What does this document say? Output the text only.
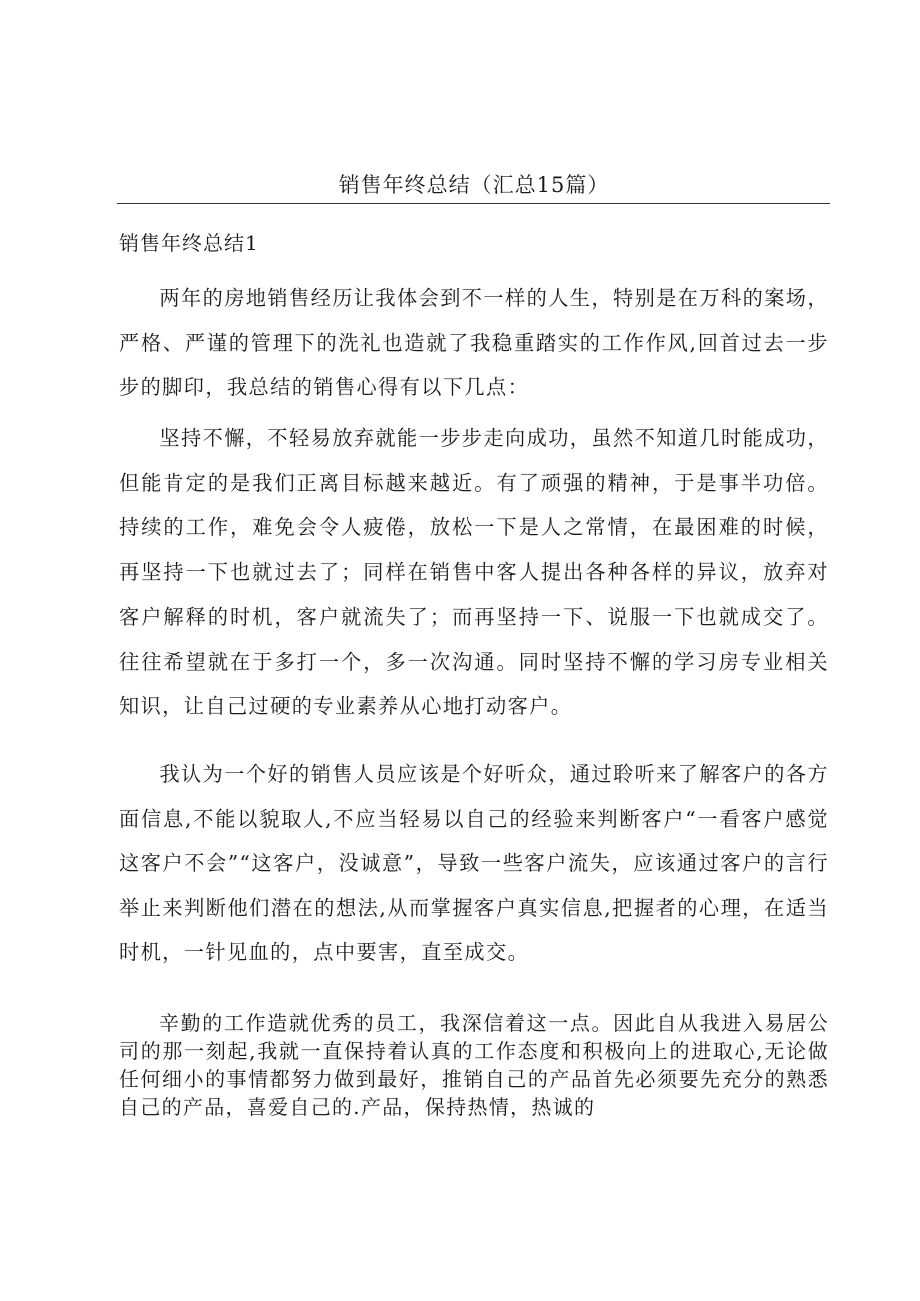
销售年终总结（汇总15篇）
销售年终总结1

两年的房地销售经历让我体会到不一样的人生，特别是在万科的案场，严格、严谨的管理下的洗礼也造就了我稳重踏实的工作作风,回首过去一步步的脚印，我总结的销售心得有以下几点：

坚持不懈，不轻易放弃就能一步步走向成功，虽然不知道几时能成功，但能肯定的是我们正离目标越来越近。有了顽强的精神，于是事半功倍。持续的工作，难免会令人疲倦，放松一下是人之常情，在最困难的时候，再坚持一下也就过去了；同样在销售中客人提出各种各样的异议，放弃对客户解释的时机，客户就流失了；而再坚持一下、说服一下也就成交了。往往希望就在于多打一个，多一次沟通。同时坚持不懈的学习房专业相关知识，让自己过硬的专业素养从心地打动客户。

我认为一个好的销售人员应该是个好听众，通过聆听来了解客户的各方面信息,不能以貌取人,不应当轻易以自己的经验来判断客户“一看客户感觉这客户不会”“这客户，没诚意”，导致一些客户流失，应该通过客户的言行举止来判断他们潜在的想法,从而掌握客户真实信息,把握者的心理，在适当时机，一针见血的，点中要害，直至成交。

辛勤的工作造就优秀的员工，我深信着这一点。因此自从我进入易居公司的那一刻起,我就一直保持着认真的工作态度和积极向上的进取心,无论做任何细小的事情都努力做到最好，推销自己的产品首先必须要先充分的熟悉自己的产品，喜爱自己的.产品，保持热情，热诚的
